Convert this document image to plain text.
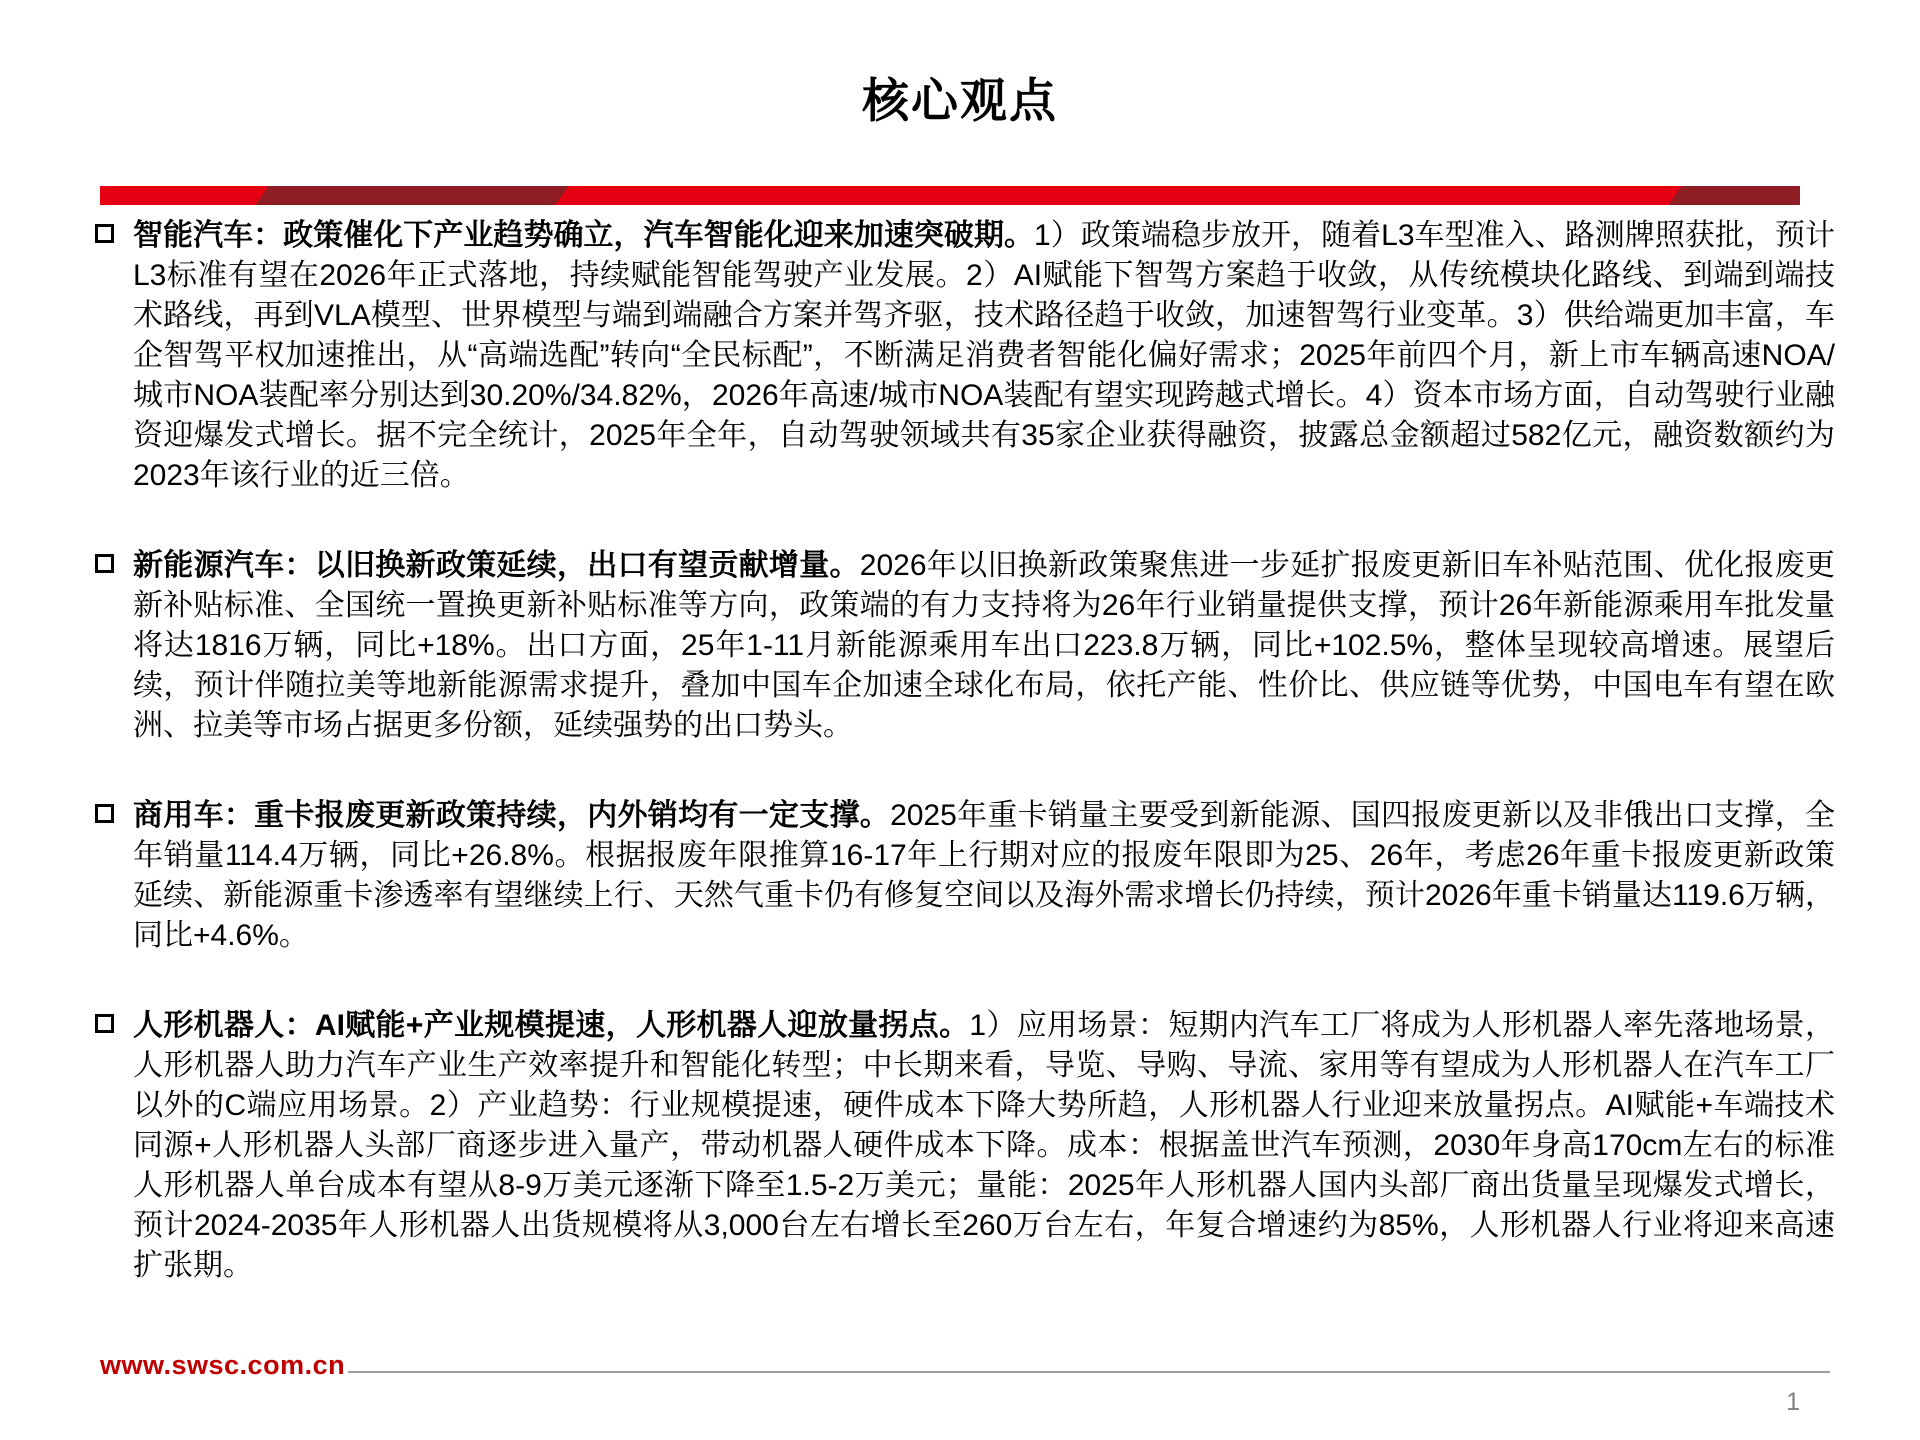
核心观点

智能汽车：政策催化下产业趋势确立，汽车智能化迎来加速突破期。1）政策端稳步放开，随着L3车型准入、路测牌照获批，预计L3标准有望在2026年正式落地，持续赋能智能驾驶产业发展。2）AI赋能下智驾方案趋于收敛，从传统模块化路线、到端到端技术路线，再到VLA模型、世界模型与端到端融合方案并驾齐驱，技术路径趋于收敛，加速智驾行业变革。3）供给端更加丰富，车企智驾平权加速推出，从“高端选配”转向“全民标配”，不断满足消费者智能化偏好需求；2025年前四个月，新上市车辆高速NOA/城市NOA装配率分别达到30.20%/34.82%，2026年高速/城市NOA装配有望实现跨越式增长。4）资本市场方面，自动驾驶行业融资迎爆发式增长。据不完全统计，2025年全年，自动驾驶领域共有35家企业获得融资，披露总金额超过582亿元，融资数额约为2023年该行业的近三倍。

新能源汽车：以旧换新政策延续，出口有望贡献增量。2026年以旧换新政策聚焦进一步延扩报废更新旧车补贴范围、优化报废更新补贴标准、全国统一置换更新补贴标准等方向，政策端的有力支持将为26年行业销量提供支撑，预计26年新能源乘用车批发量将达1816万辆，同比+18%。出口方面，25年1-11月新能源乘用车出口223.8万辆，同比+102.5%，整体呈现较高增速。展望后续，预计伴随拉美等地新能源需求提升，叠加中国车企加速全球化布局，依托产能、性价比、供应链等优势，中国电车有望在欧洲、拉美等市场占据更多份额，延续强势的出口势头。

商用车：重卡报废更新政策持续，内外销均有一定支撑。2025年重卡销量主要受到新能源、国四报废更新以及非俄出口支撑，全年销量114.4万辆，同比+26.8%。根据报废年限推算16-17年上行期对应的报废年限即为25、26年，考虑26年重卡报废更新政策延续、新能源重卡渗透率有望继续上行、天然气重卡仍有修复空间以及海外需求增长仍持续，预计2026年重卡销量达119.6万辆，同比+4.6%。

人形机器人：AI赋能+产业规模提速，人形机器人迎放量拐点。1）应用场景：短期内汽车工厂将成为人形机器人率先落地场景，人形机器人助力汽车产业生产效率提升和智能化转型；中长期来看，导览、导购、导流、家用等有望成为人形机器人在汽车工厂以外的C端应用场景。2）产业趋势：行业规模提速，硬件成本下降大势所趋，人形机器人行业迎来放量拐点。AI赋能+车端技术同源+人形机器人头部厂商逐步进入量产，带动机器人硬件成本下降。成本：根据盖世汽车预测，2030年身高170cm左右的标准人形机器人单台成本有望从8-9万美元逐渐下降至1.5-2万美元；量能：2025年人形机器人国内头部厂商出货量呈现爆发式增长，预计2024-2035年人形机器人出货规模将从3,000台左右增长至260万台左右，年复合增速约为85%，人形机器人行业将迎来高速扩张期。

www.swsc.com.cn
1
